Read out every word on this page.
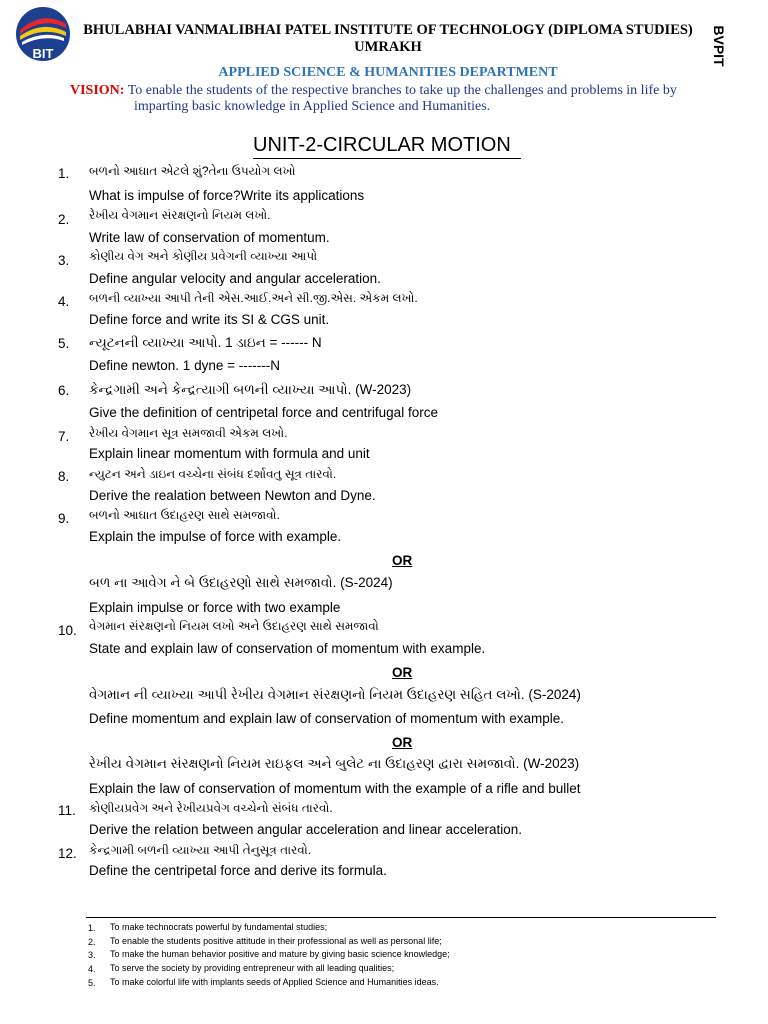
BIT	BVPIT
BHULABHAI VANMALIBHAI PATEL INSTITUTE OF TECHNOLOGY (DIPLOMA STUDIES)
UMRAKH
APPLIED SCIENCE & HUMANITIES DEPARTMENT
VISION: To enable the students of the respective branches to take up the challenges and problems in life by
imparting basic knowledge in Applied Science and Humanities.
UNIT-2-CIRCULAR MOTION
1. બળનો આઘાત એટલે શું?તેના ઉપયોગ લખો
What is impulse of force?Write its applications
2. રેખીય વેગમાન સંરક્ષણનો નિયમ લખો.
Write law of conservation of momentum.
3. કોણીય વેગ અને કોણીય પ્રવેગની વ્યાખ્યા આપો
Define angular velocity and angular acceleration.
4. બળની વ્યાખ્યા આપી તેની એસ.આઈ.અને સી.જી.એસ. એકમ લખો.
Define force and write its SI & CGS unit.
5. ન્યૂટનની વ્યાખ્યા આપો. 1 ડાઇન = ------ N
Define newton. 1 dyne = -------N
6. કેન્દ્રગામી અને કેન્દ્રત્યાગી બળની વ્યાખ્યા આપો. (W-2023)
Give the definition of centripetal force and centrifugal force
7. રેખીય વેગમાન સૂત્ર સમજાવી એકમ લખો.
Explain linear momentum with formula and unit
8. ન્યુટન અને ડાઇન વચ્ચેના સંબંધ દર્શાવતુ સૂત્ર તારવો.
Derive the realation between Newton and Dyne.
9. બળનો આઘાત ઉદાહરણ સાથે સમજાવો.
Explain the impulse of force with example.
OR
બળ ના આવેગ ને બે ઉદાહરણો સાથે સમજાવો. (S-2024)
Explain impulse or force with two example
10. વેગમાન સંરક્ષણનો નિયમ લખો અને ઉદાહરણ સાથે સમજાવો
State and explain law of conservation of momentum with example.
OR
વેગમાન ની વ્યાખ્યા આપી રેખીય વેગમાન સંરક્ષણનો નિયમ ઉદાહરણ સહિત લખો. (S-2024)
Define momentum and explain law of conservation of momentum with example.
OR
રેખીય વેગમાન સંરક્ષણનો નિયમ રાઇફલ અને બુલેટ ના ઉદાહરણ દ્વારા સમજાવો. (W-2023)
Explain the law of conservation of momentum with the example of a rifle and bullet
11. કોણીયપ્રવેગ અને રેખીયપ્રવેગ વચ્ચેનો સંબંધ તારવો.
Derive the relation between angular acceleration and linear acceleration.
12. કેન્દ્રગામી બળની વ્યાખ્યા આપી તેનુસૂત્ર તારવો.
Define the centripetal force and derive its formula.
1. To make technocrats powerful by fundamental studies;
2. To enable the students positive attitude in their professional as well as personal life;
3. To make the human behavior positive and mature by giving basic science knowledge;
4. To serve the society by providing entrepreneur with all leading qualities;
5. To make colorful life with implants seeds of Applied Science and Humanities ideas.
